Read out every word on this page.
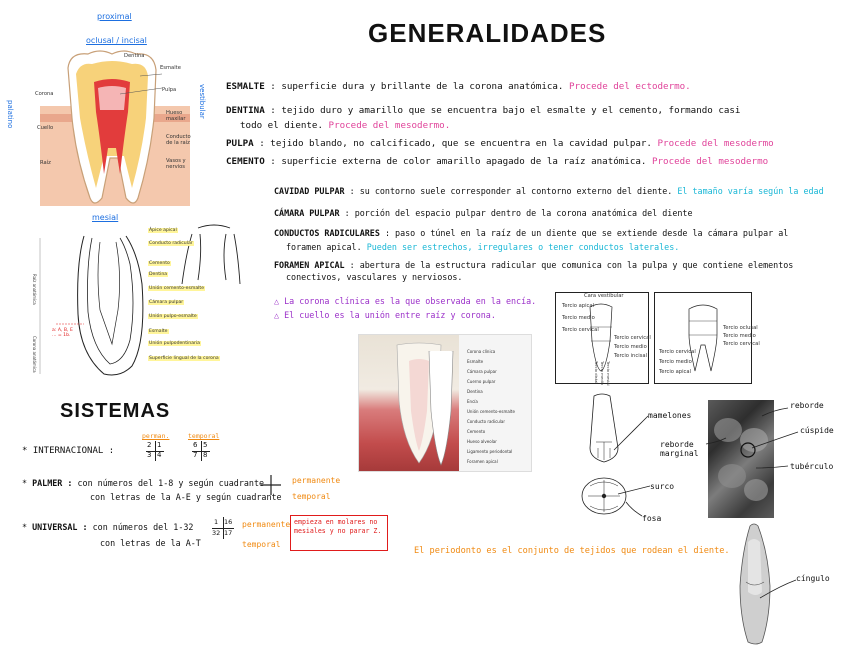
GENERALIDADES
proximal
oclusal / incisal
palatino	vestibular
mesial
Corona
Cuello
Raíz
Dentina
Esmalte
Pulpa
Hueso maxilar
Conducto de la raíz
Vasos y nervios
Ápice apical
Conducto radicular
Cemento
Dentina
Unión cemento-esmalte
Cámara pulpar
Unión pulpo-esmalte
Esmalte
Unión pulpodentinaria
Superficie lingual de la corona
Raíz anatómica
Corona anatómica
a: A, B, E ... = 1b.
ESMALTE : superficie dura y brillante de la corona anatómica. Procede del ectodermo.
DENTINA : tejido duro y amarillo que se encuentra bajo el esmalte y el cemento, formando casi
todo el diente. Procede del mesodermo.
PULPA : tejido blando, no calcificado, que se encuentra en la cavidad pulpar. Procede del mesodermo
CEMENTO : superficie externa de color amarillo apagado de la raíz anatómica. Procede del mesodermo
CAVIDAD PULPAR : su contorno suele corresponder al contorno externo del diente. El tamaño varía según la edad
CÁMARA PULPAR : porción del espacio pulpar dentro de la corona anatómica del diente
CONDUCTOS RADICULARES : paso o túnel en la raíz de un diente que se extiende desde la cámara pulpar al
foramen apical. Pueden ser estrechos, irregulares o tener conductos laterales.
FORAMEN APICAL : abertura de la estructura radicular que comunica con la pulpa y que contiene elementos
conectivos, vasculares y nerviosos.
△ La corona clínica es la que observada en la encía.
△ El cuello es la unión entre raíz y corona.
Cara vestibular
Tercio apical
Tercio medio
Tercio cervical
Tercio cervical
Tercio medio
Tercio incisal
Tercio distal Tercio medio Tercio mesial
Tercio oclusal
Tercio medio
Tercio cervical
Tercio cervical
Tercio medio
Tercio apical
Corona clínica
Esmalte
Cámara pulpar
Cuerno pulpar
Dentina
Encía
Unión cemento-esmalte
Conducto radicular
Cemento
Hueso alveolar
Ligamento periodontal
Foramen apical
mamelones
surco
fosa
reborde
reborde marginal
cúspide
tubérculo
cíngulo
El periodonto es el conjunto de tejidos que rodean el diente.
SISTEMAS
* INTERNACIONAL :
perman.	temporal
2 1
3 4
6 5
7 8
* PALMER : con números del 1-8 y según cuadrante
con letras de la A-E y según cuadrante
permanente
temporal
* UNIVERSAL : con números del 1-32
con letras de la A-T
1 16
32 17
permanente
temporal
empieza en molares no mesiales y no parar Z.
